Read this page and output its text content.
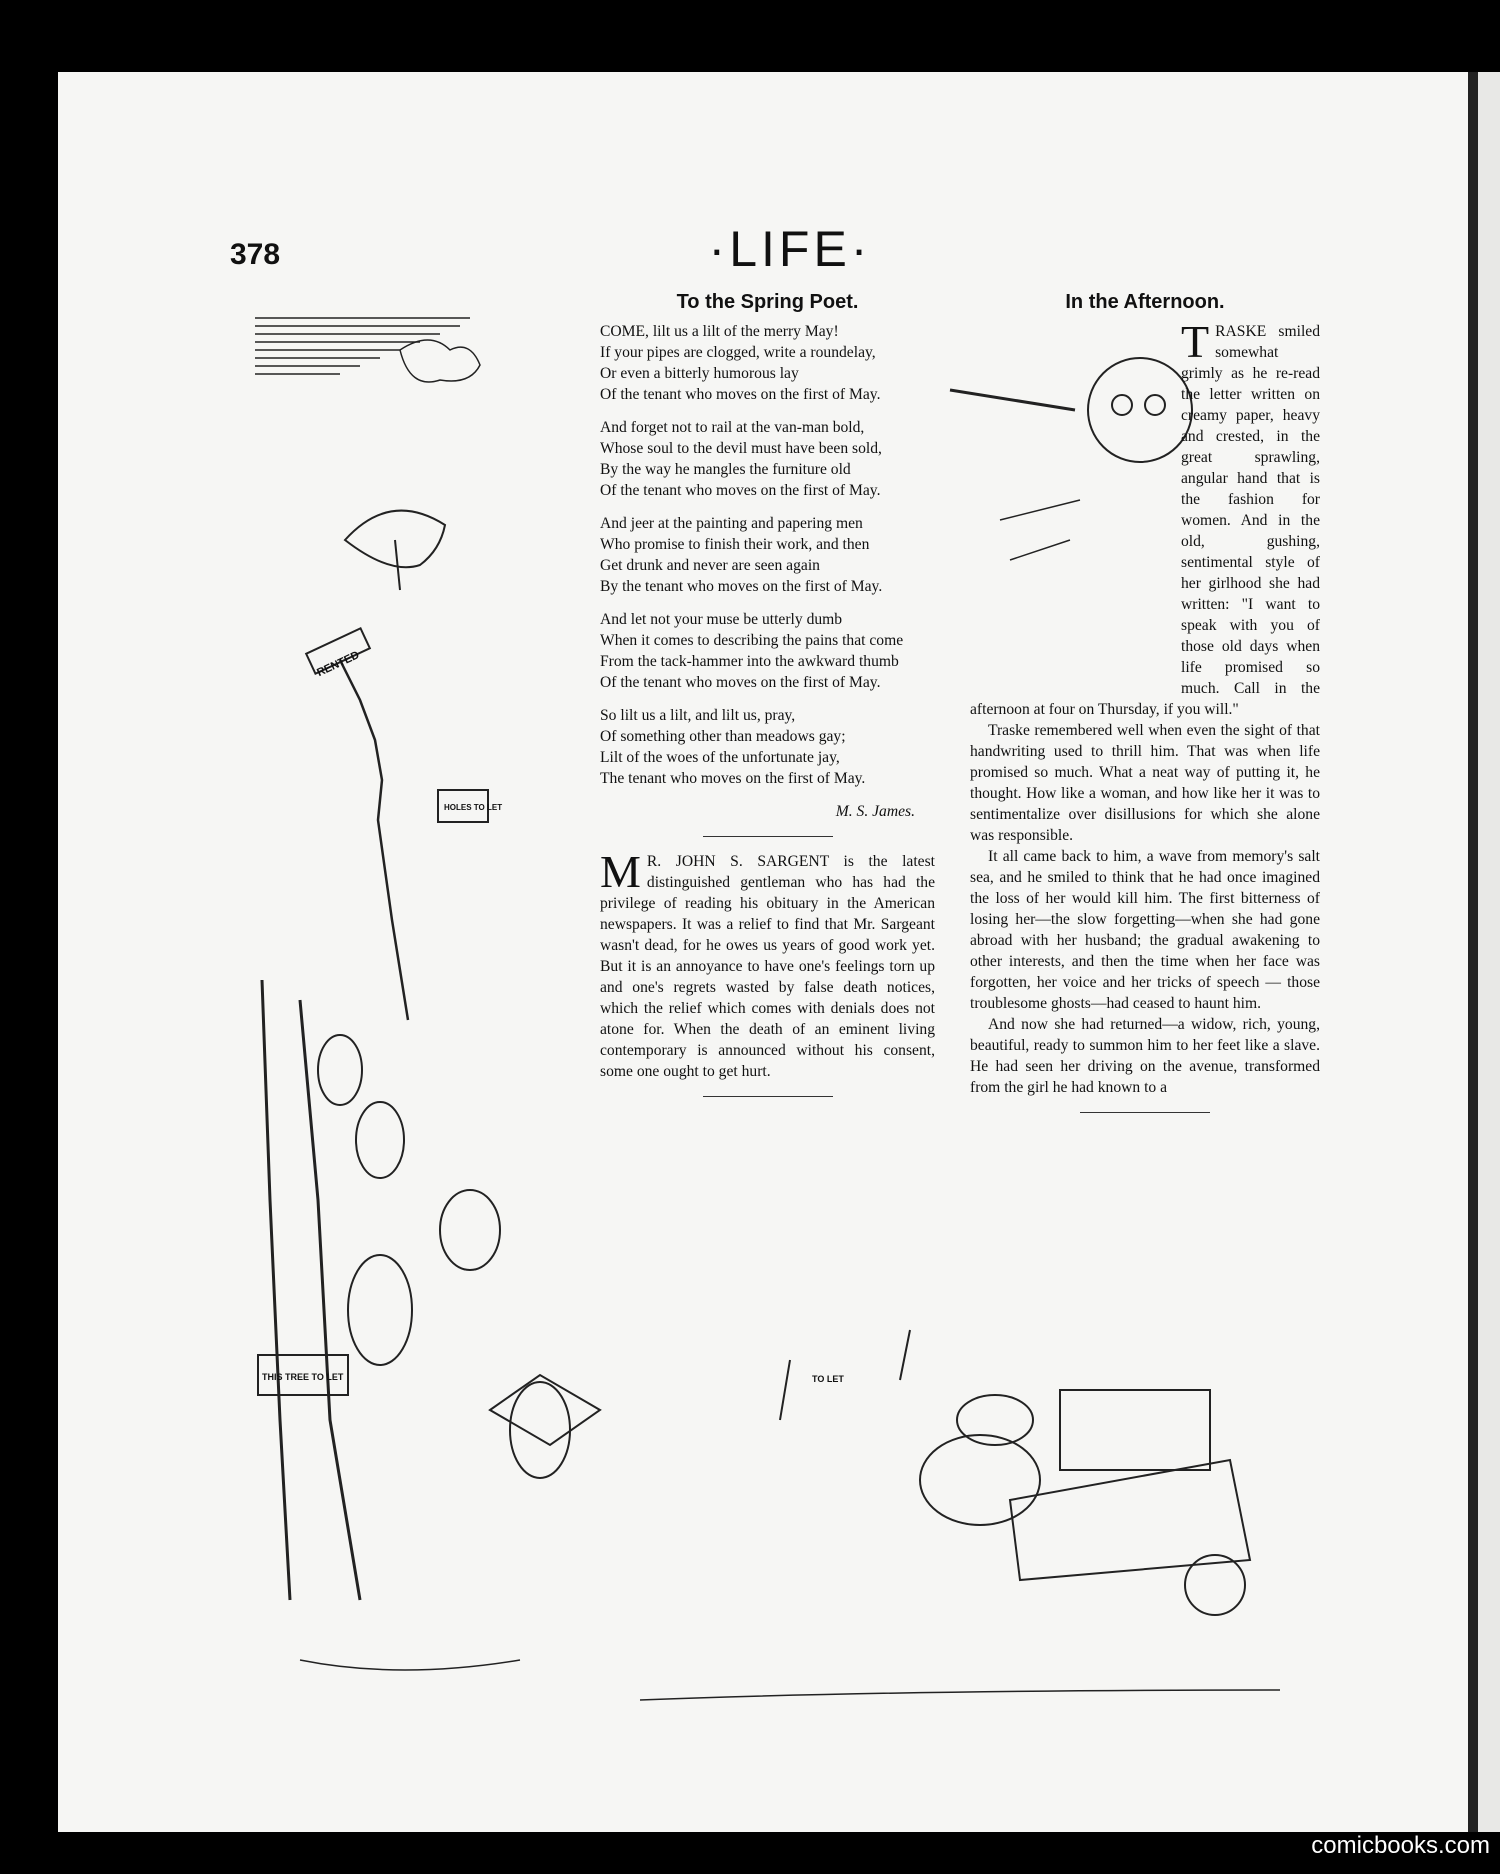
378	·LIFE·
RENTED
HOLES TO LET
THIS TREE TO LET	TO LET
To the Spring Poet.
COME, lilt us a lilt of the merry May!
If your pipes are clogged, write a roundelay,
Or even a bitterly humorous lay
Of the tenant who moves on the first of May.
And forget not to rail at the van-man bold,
Whose soul to the devil must have been sold,
By the way he mangles the furniture old
Of the tenant who moves on the first of May.
And jeer at the painting and papering men
Who promise to finish their work, and then
Get drunk and never are seen again
By the tenant who moves on the first of May.
And let not your muse be utterly dumb
When it comes to describing the pains that come
From the tack-hammer into the awkward thumb
Of the tenant who moves on the first of May.
So lilt us a lilt, and lilt us, pray,
Of something other than meadows gay;
Lilt of the woes of the unfortunate jay,
The tenant who moves on the first of May.
M. S. James.

M R. JOHN S. SARGENT is the latest distinguished gentleman who has had the privilege of reading his obituary in the American newspapers. It was a relief to find that Mr. Sargeant wasn't dead, for he owes us years of good work yet. But it is an annoyance to have one's feelings torn up and one's regrets wasted by false death notices, which the relief which comes with denials does not atone for. When the death of an eminent living contemporary is announced without his consent, some one ought to get hurt.

In the Afternoon.

TRASKE smiled somewhat grimly as he re-read the letter written on creamy paper, heavy and crested, in the great sprawling, angular hand that is the fashion for women. And in the old, gushing, sentimental style of her girlhood she had written: "I want to speak with you of those old days when life promised so much. Call in the afternoon at four on Thursday, if you will."

Traske remembered well when even the sight of that handwriting used to thrill him. That was when life promised so much. What a neat way of putting it, he thought. How like a woman, and how like her it was to sentimentalize over disillusions for which she alone was responsible.

It all came back to him, a wave from memory's salt sea, and he smiled to think that he had once imagined the loss of her would kill him. The first bitterness of losing her—the slow forgetting—when she had gone abroad with her husband; the gradual awakening to other interests, and then the time when her face was forgotten, her voice and her tricks of speech — those troublesome ghosts—had ceased to haunt him.

And now she had returned—a widow, rich, young, beautiful, ready to summon him to her feet like a slave. He had seen her driving on the avenue, transformed from the girl he had known to a

comicbooks.com
